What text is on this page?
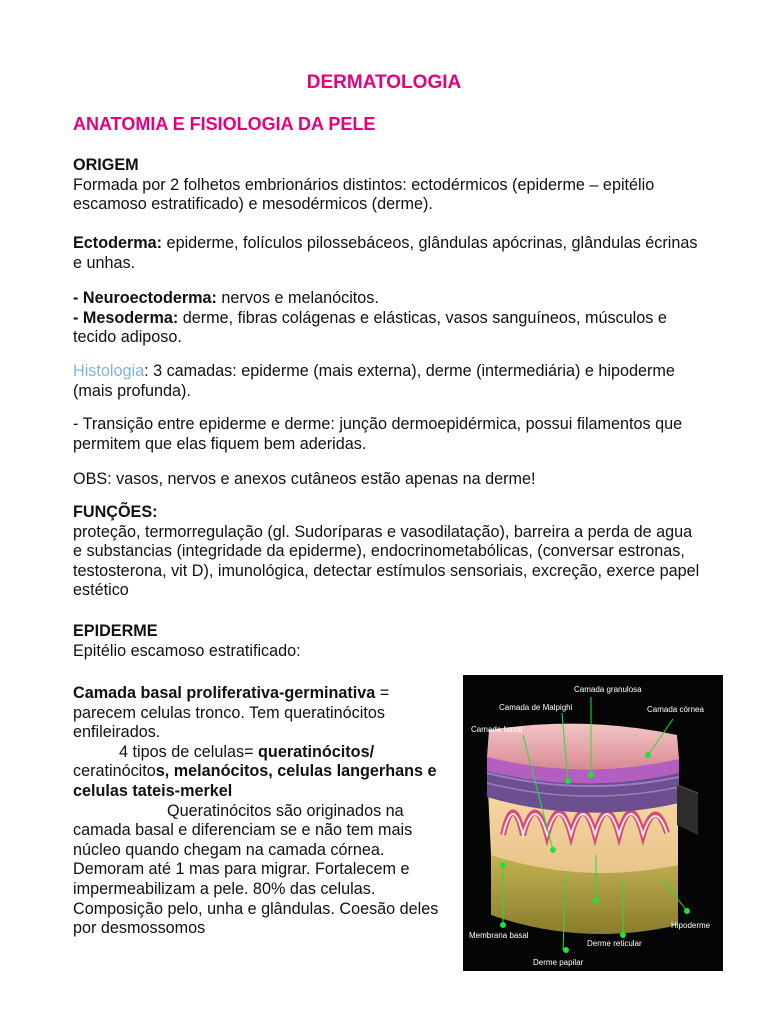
DERMATOLOGIA
ANATOMIA E FISIOLOGIA DA PELE
ORIGEM
Formada por 2 folhetos embrionários distintos: ectodérmicos (epiderme – epitélio escamoso estratificado) e mesodérmicos (derme).
Ectoderma: epiderme, folículos pilossebáceos, glândulas apócrinas, glândulas écrinas e unhas.
- Neuroectoderma: nervos e melanócitos.
- Mesoderma: derme, fibras colágenas e elásticas, vasos sanguíneos, músculos e tecido adiposo.
Histologia: 3 camadas: epiderme (mais externa), derme (intermediária) e hipoderme (mais profunda).
- Transição entre epiderme e derme: junção dermoepidérmica, possui filamentos que permitem que elas fiquem bem aderidas.
OBS: vasos, nervos e anexos cutâneos estão apenas na derme!
FUNÇÕES:
proteção, termorregulação (gl. Sudoríparas e vasodilatação), barreira a perda de agua e substancias (integridade da epiderme), endocrinometabólicas, (conversar estronas, testosterona, vit D), imunológica, detectar estímulos sensoriais, excreção, exerce papel estético
EPIDERME
Epitélio escamoso estratificado:
Camada basal proliferativa-germinativa = parecem celulas tronco. Tem queratinócitos enfileirados.
4 tipos de celulas= queratinócitos/ ceratinócitos, melanócitos, celulas langerhans e celulas tateis-merkel
Queratinócitos são originados na camada basal e diferenciam se e não tem mais núcleo quando chegam na camada córnea. Demoram até 1 mas para migrar. Fortalecem e impermeabilizam a pele. 80% das celulas. Composição pelo, unha e glândulas. Coesão deles por desmossomos
Camada granulosa
Camada de Malpighi	Camada córnea
Camada basal
Membrana basal
Derme reticular
Hipoderme
Derme papilar
